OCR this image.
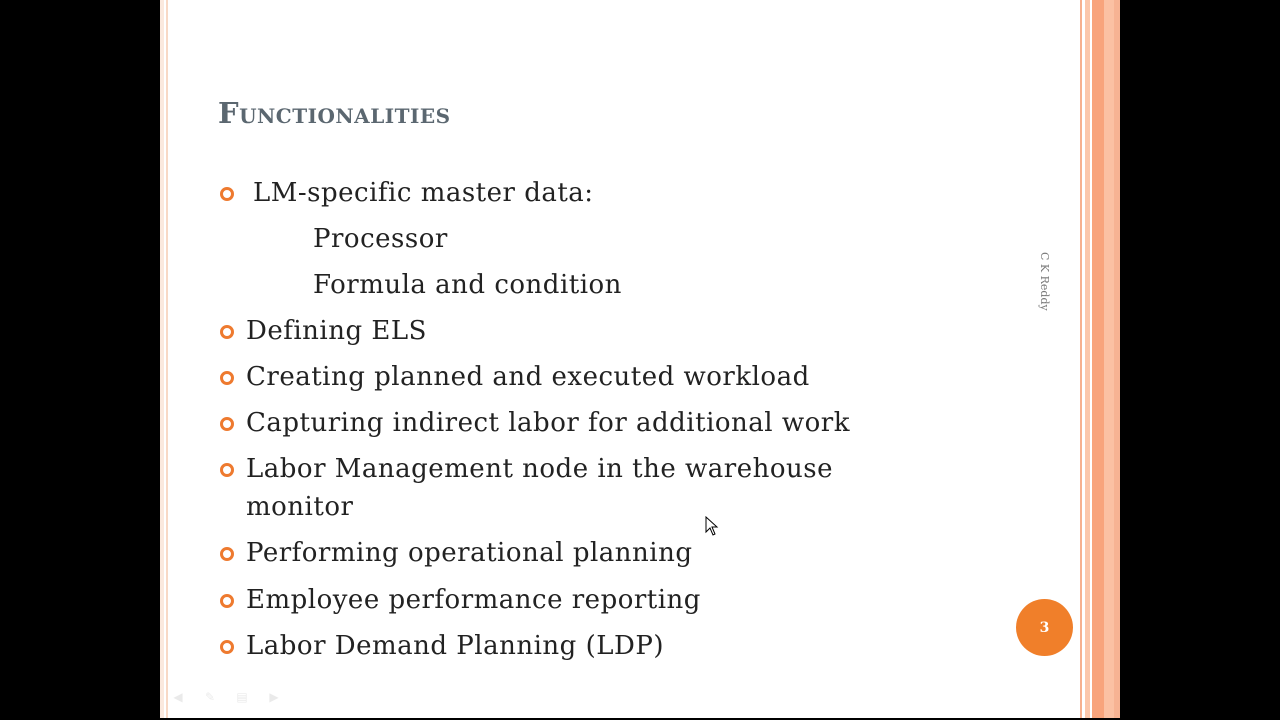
Functionalities
LM-specific master data:
Processor
Formula and condition
Defining ELS
Creating planned and executed workload
Capturing indirect labor for additional work
Labor Management node in the warehouse monitor
Performing operational planning
Employee performance reporting
Labor Demand Planning (LDP)
C K Reddy
3
◀ ✎ ▤ ▶
